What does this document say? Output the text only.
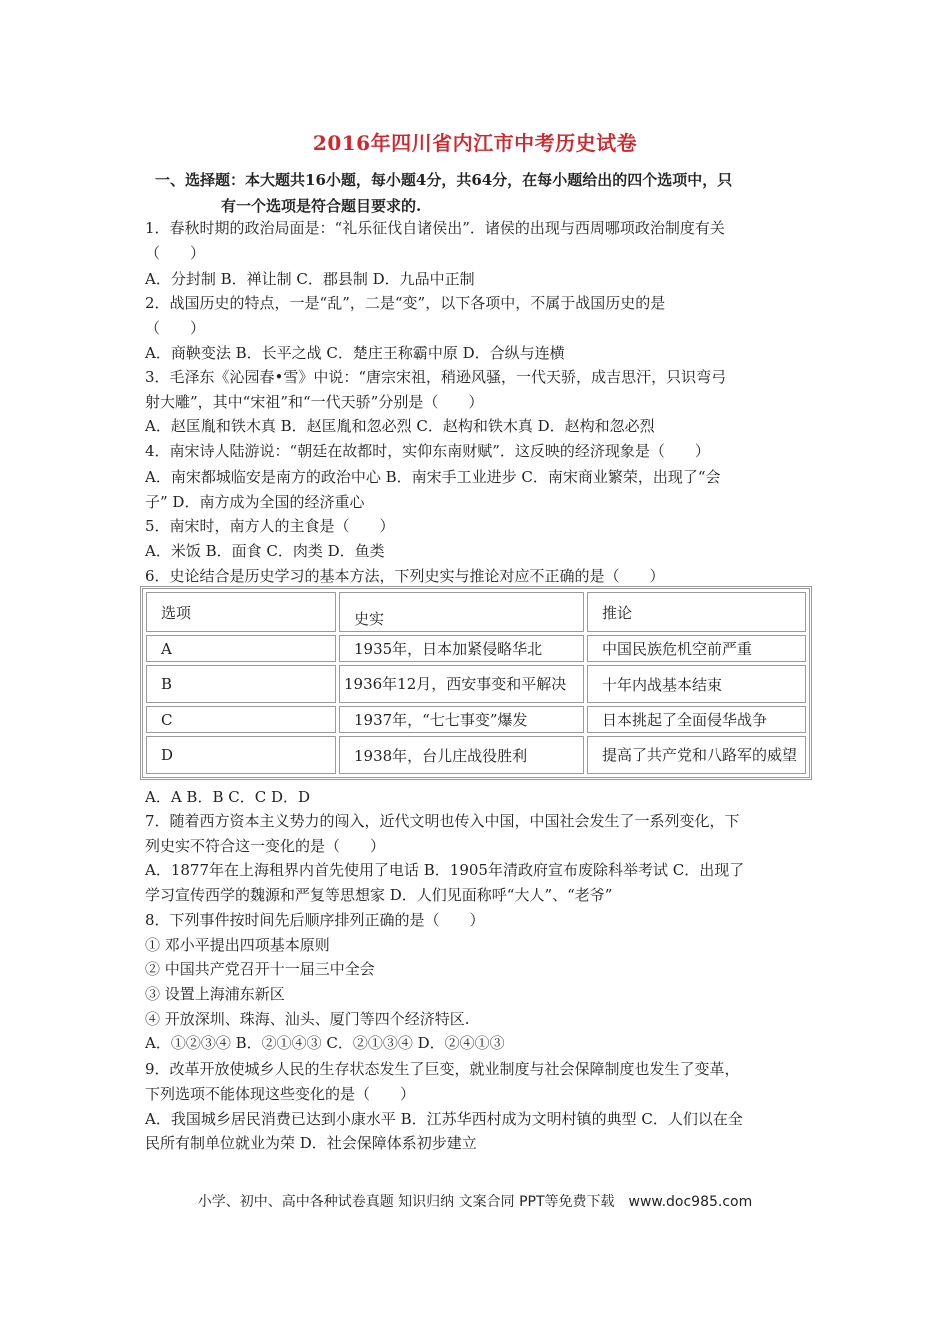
2016年四川省内江市中考历史试卷
一、选择题：本大题共16小题，每小题4分，共64分，在每小题给出的四个选项中，只
有一个选项是符合题目要求的.
1．春秋时期的政治局面是：“礼乐征伐自诸侯出”．诸侯的出现与西周哪项政治制度有关
（　　）
A．分封制 B．禅让制 C．郡县制 D．九品中正制
2．战国历史的特点，一是“乱”，二是“变”，以下各项中，不属于战国历史的是
（　　）
A．商鞅变法 B．长平之战 C．楚庄王称霸中原 D．合纵与连横
3．毛泽东《沁园春•雪》中说：“唐宗宋祖，稍逊风骚，一代天骄，成吉思汗，只识弯弓
射大雕”，其中“宋祖”和“一代天骄”分别是（　　）
A．赵匡胤和铁木真 B．赵匡胤和忽必烈 C．赵构和铁木真 D．赵构和忽必烈
4．南宋诗人陆游说：“朝廷在故都时，实仰东南财赋”．这反映的经济现象是（　　）
A．南宋都城临安是南方的政治中心 B．南宋手工业进步 C．南宋商业繁荣，出现了“会
子” D．南方成为全国的经济重心
5．南宋时，南方人的主食是（　　）
A．米饭 B．面食 C．肉类 D．鱼类
6．史论结合是历史学习的基本方法，下列史实与推论对应不正确的是（　　）
选项	史实	推论
A	1935年，日本加紧侵略华北	中国民族危机空前严重
B	1936年12月，西安事变和平解决	十年内战基本结束
C	1937年，“七七事变”爆发	日本挑起了全面侵华战争
D	1938年，台儿庄战役胜利	提高了共产党和八路军的威望
A．A B．B C．C D．D
7．随着西方资本主义势力的闯入，近代文明也传入中国，中国社会发生了一系列变化，下
列史实不符合这一变化的是（　　）
A．1877年在上海租界内首先使用了电话 B．1905年清政府宣布废除科举考试 C．出现了
学习宣传西学的魏源和严复等思想家 D．人们见面称呼“大人”、“老爷”
8．下列事件按时间先后顺序排列正确的是（　　）
① 邓小平提出四项基本原则
② 中国共产党召开十一届三中全会
③ 设置上海浦东新区
④ 开放深圳、珠海、汕头、厦门等四个经济特区.
A．①②③④ B．②①④③ C．②①③④ D．②④①③
9．改革开放使城乡人民的生存状态发生了巨变，就业制度与社会保障制度也发生了变革，
下列选项不能体现这些变化的是（　　）
A．我国城乡居民消费已达到小康水平 B．江苏华西村成为文明村镇的典型 C．人们以在全
民所有制单位就业为荣 D．社会保障体系初步建立
小学、初中、高中各种试卷真题 知识归纳 文案合同 PPT等免费下载　www.doc985.com
